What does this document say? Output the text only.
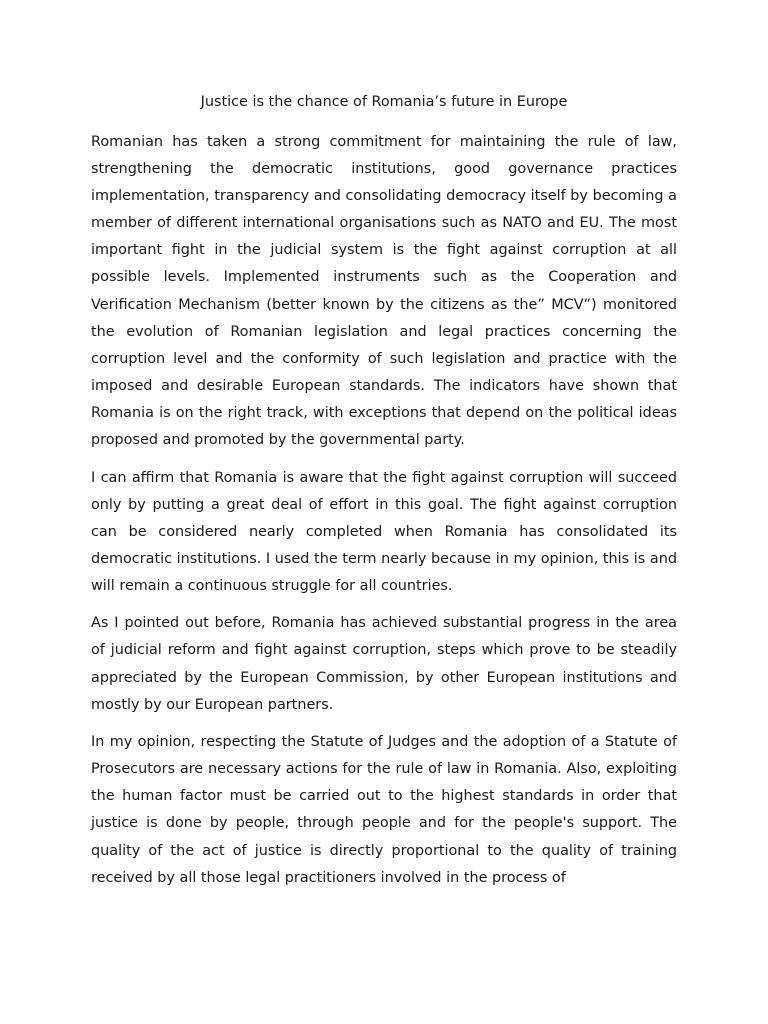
Justice is the chance of Romania’s future in Europe

Romanian has taken a strong commitment for maintaining the rule of law, strengthening the democratic institutions, good governance practices implementation, transparency and consolidating democracy itself by becoming a member of different international organisations such as NATO and EU. The most important fight in the judicial system is the fight against corruption at all possible levels. Implemented instruments such as the Cooperation and Verification Mechanism (better known by the citizens as the” MCV”) monitored the evolution of Romanian legislation and legal practices concerning the corruption level and the conformity of such legislation and practice with the imposed and desirable European standards. The indicators have shown that Romania is on the right track, with exceptions that depend on the political ideas proposed and promoted by the governmental party.

I can affirm that Romania is aware that the fight against corruption will succeed only by putting a great deal of effort in this goal. The fight against corruption can be considered nearly completed when Romania has consolidated its democratic institutions. I used the term nearly because in my opinion, this is and will remain a continuous struggle for all countries.

As I pointed out before, Romania has achieved substantial progress in the area of judicial reform and fight against corruption, steps which prove to be steadily appreciated by the European Commission, by other European institutions and mostly by our European partners.

In my opinion, respecting the Statute of Judges and the adoption of a Statute of Prosecutors are necessary actions for the rule of law in Romania. Also, exploiting the human factor must be carried out to the highest standards in order that justice is done by people, through people and for the people's support. The quality of the act of justice is directly proportional to the quality of training received by all those legal practitioners involved in the process of
